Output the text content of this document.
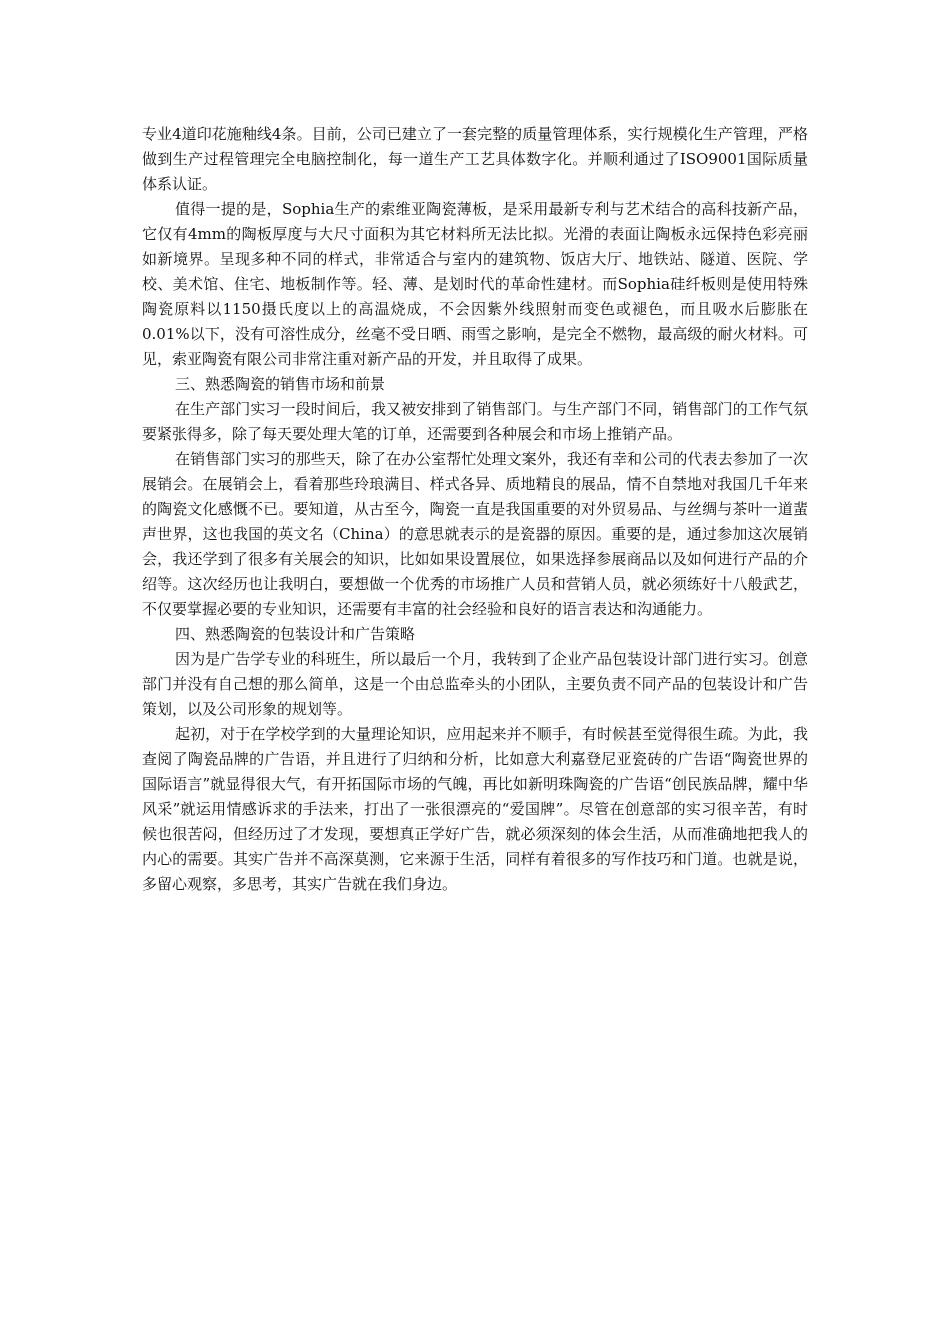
专业4道印花施釉线4条。目前，公司已建立了一套完整的质量管理体系，实行规模化生产管理，严格做到生产过程管理完全电脑控制化，每一道生产工艺具体数字化。并顺利通过了ISO9001国际质量体系认证。

值得一提的是，Sophia生产的索维亚陶瓷薄板，是采用最新专利与艺术结合的高科技新产品，它仅有4mm的陶板厚度与大尺寸面积为其它材料所无法比拟。光滑的表面让陶板永远保持色彩亮丽如新境界。呈现多种不同的样式，非常适合与室内的建筑物、饭店大厅、地铁站、隧道、医院、学校、美术馆、住宅、地板制作等。轻、薄、是划时代的革命性建材。而Sophia硅纤板则是使用特殊陶瓷原料以1150摄氏度以上的高温烧成，不会因紫外线照射而变色或褪色，而且吸水后膨胀在0.01%以下，没有可溶性成分，丝毫不受日晒、雨雪之影响，是完全不燃物，最高级的耐火材料。可见，索亚陶瓷有限公司非常注重对新产品的开发，并且取得了成果。

三、熟悉陶瓷的销售市场和前景

在生产部门实习一段时间后，我又被安排到了销售部门。与生产部门不同，销售部门的工作气氛要紧张得多，除了每天要处理大笔的订单，还需要到各种展会和市场上推销产品。

在销售部门实习的那些天，除了在办公室帮忙处理文案外，我还有幸和公司的代表去参加了一次展销会。在展销会上，看着那些玲琅满目、样式各异、质地精良的展品，情不自禁地对我国几千年来的陶瓷文化感慨不已。要知道，从古至今，陶瓷一直是我国重要的对外贸易品、与丝绸与茶叶一道蜚声世界，这也我国的英文名（China）的意思就表示的是瓷器的原因。重要的是，通过参加这次展销会，我还学到了很多有关展会的知识，比如如果设置展位，如果选择参展商品以及如何进行产品的介绍等。这次经历也让我明白，要想做一个优秀的市场推广人员和营销人员，就必须练好十八般武艺，不仅要掌握必要的专业知识，还需要有丰富的社会经验和良好的语言表达和沟通能力。

四、熟悉陶瓷的包装设计和广告策略

因为是广告学专业的科班生，所以最后一个月，我转到了企业产品包装设计部门进行实习。创意部门并没有自己想的那么简单，这是一个由总监牵头的小团队，主要负责不同产品的包装设计和广告策划，以及公司形象的规划等。

起初，对于在学校学到的大量理论知识，应用起来并不顺手，有时候甚至觉得很生疏。为此，我查阅了陶瓷品牌的广告语，并且进行了归纳和分析，比如意大利嘉登尼亚瓷砖的广告语“陶瓷世界的国际语言”就显得很大气，有开拓国际市场的气魄，再比如新明珠陶瓷的广告语“创民族品牌，耀中华风采”就运用情感诉求的手法来，打出了一张很漂亮的“爱国牌”。尽管在创意部的实习很辛苦，有时候也很苦闷，但经历过了才发现，要想真正学好广告，就必须深刻的体会生活，从而准确地把我人的内心的需要。其实广告并不高深莫测，它来源于生活，同样有着很多的写作技巧和门道。也就是说，多留心观察，多思考，其实广告就在我们身边。
